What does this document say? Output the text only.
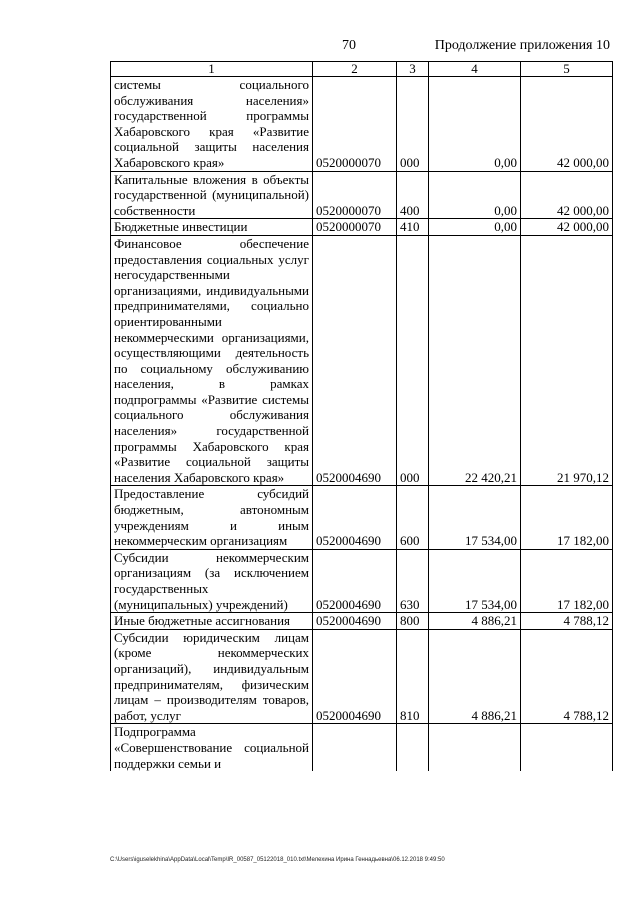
70	Продолжение приложения 10
1	2	3	4	5
системы социального обслуживания населения» государственной программы Хабаровского края «Развитие социальной защиты населения Хабаровского края»	0520000070	000	0,00	42 000,00
Капитальные вложения в объекты государственной (муниципальной) собственности	0520000070	400	0,00	42 000,00
Бюджетные инвестиции	0520000070	410	0,00	42 000,00
Финансовое обеспечение предоставления социальных услуг негосударственными организациями, индивидуальными предпринимателями, социально ориентированными некоммерческими организациями, осуществляющими деятельность по социальному обслуживанию населения, в рамках подпрограммы «Развитие системы социального обслуживания населения» государственной программы Хабаровского края «Развитие социальной защиты населения Хабаровского края»	0520004690	000	22 420,21	21 970,12
Предоставление субсидий бюджетным, автономным учреждениям и иным некоммерческим организациям	0520004690	600	17 534,00	17 182,00
Субсидии некоммерческим организациям (за исключением государственных (муниципальных) учреждений)	0520004690	630	17 534,00	17 182,00
Иные бюджетные ассигнования	0520004690	800	4 886,21	4 788,12
Субсидии юридическим лицам (кроме некоммерческих организаций), индивидуальным предпринимателям, физическим лицам – производителям товаров, работ, услуг	0520004690	810	4 886,21	4 788,12
Подпрограмма «Совершенствование социальной поддержки семьи и				
C:\Users\iguselekhina\AppData\Local\Temp\IR_00587_05122018_010.txt\Мелехина Ирина Геннадьевна\06.12.2018 9:49:50
